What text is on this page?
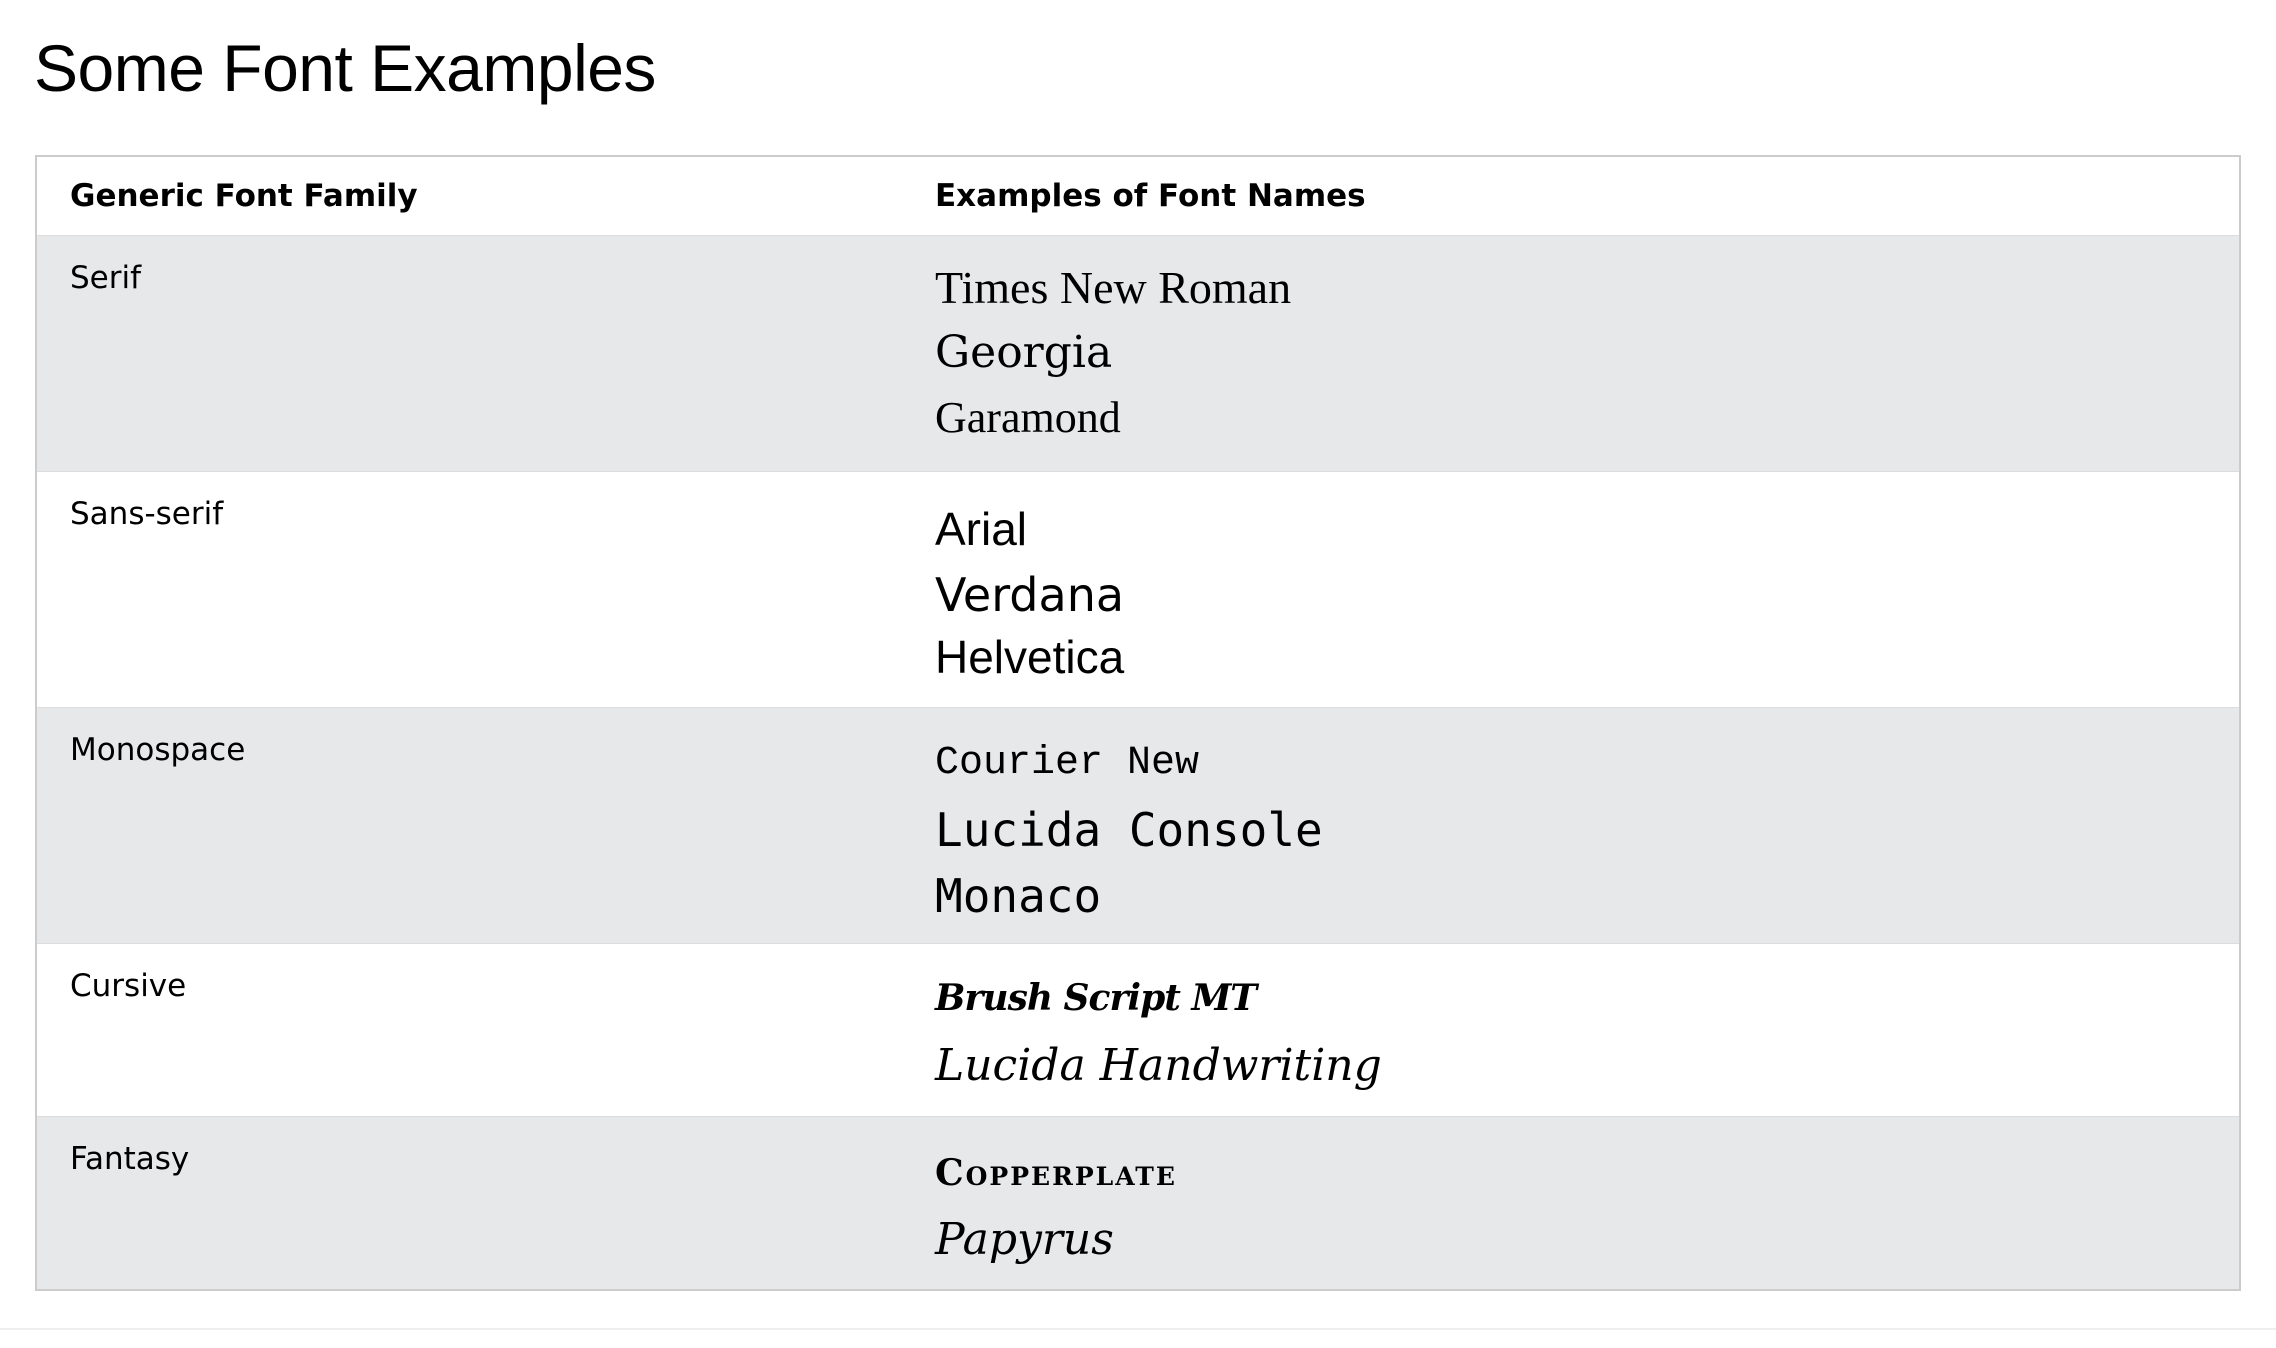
Some Font Examples
Generic Font Family	Examples of Font Names
Serif	Times New Roman
Georgia
Garamond

Sans-serif	Arial
Verdana
Helvetica

Monospace	Courier New
Lucida Console
Monaco

Cursive	Brush Script MT
Lucida Handwriting

Fantasy	Copperplate
Papyrus
